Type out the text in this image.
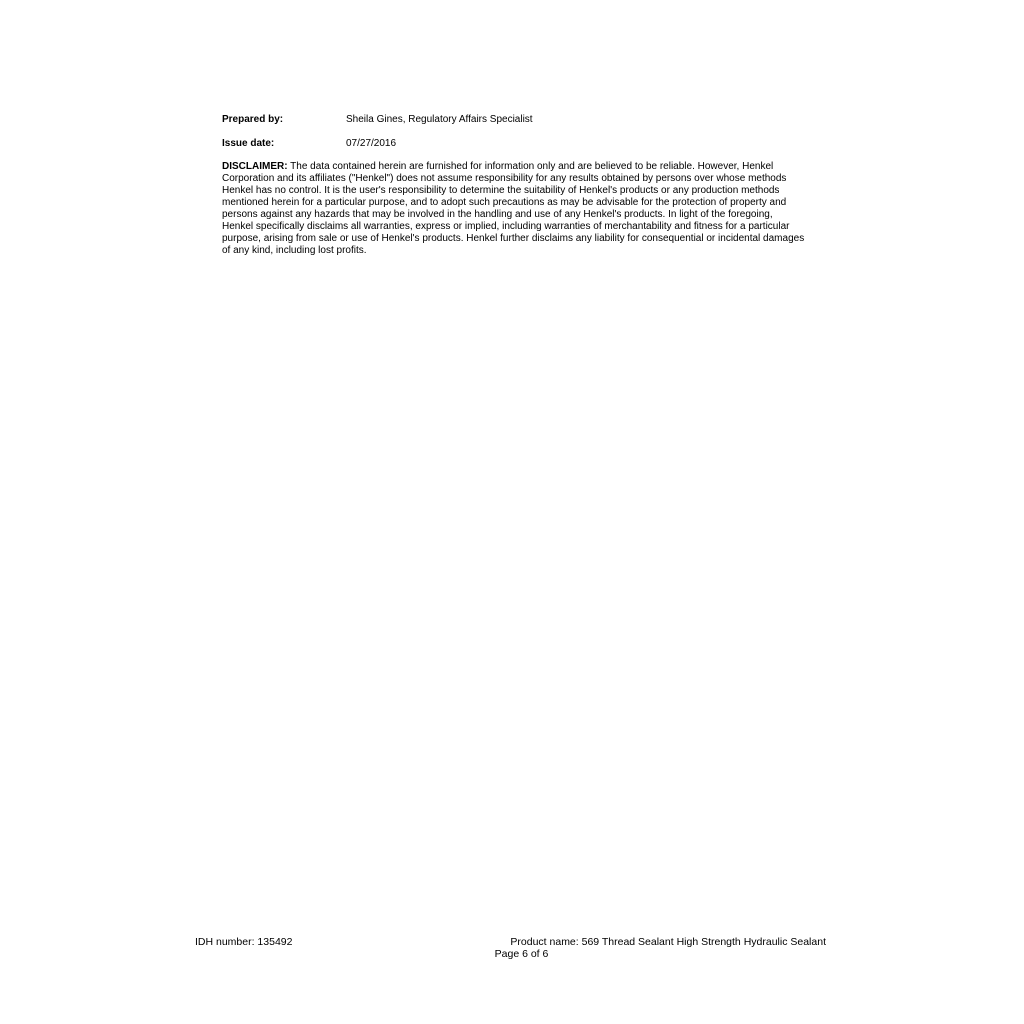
Prepared by:	Sheila Gines, Regulatory Affairs Specialist
Issue date:	07/27/2016
DISCLAIMER: The data contained herein are furnished for information only and are believed to be reliable. However, Henkel
Corporation and its affiliates ("Henkel") does not assume responsibility for any results obtained by persons over whose methods
Henkel has no control. It is the user's responsibility to determine the suitability of Henkel's products or any production methods
mentioned herein for a particular purpose, and to adopt such precautions as may be advisable for the protection of property and
persons against any hazards that may be involved in the handling and use of any Henkel's products. In light of the foregoing,
Henkel specifically disclaims all warranties, express or implied, including warranties of merchantability and fitness for a particular
purpose, arising from sale or use of Henkel's products. Henkel further disclaims any liability for consequential or incidental damages
of any kind, including lost profits.
IDH number: 135492	Product name: 569 Thread Sealant High Strength Hydraulic Sealant
Page 6 of 6
